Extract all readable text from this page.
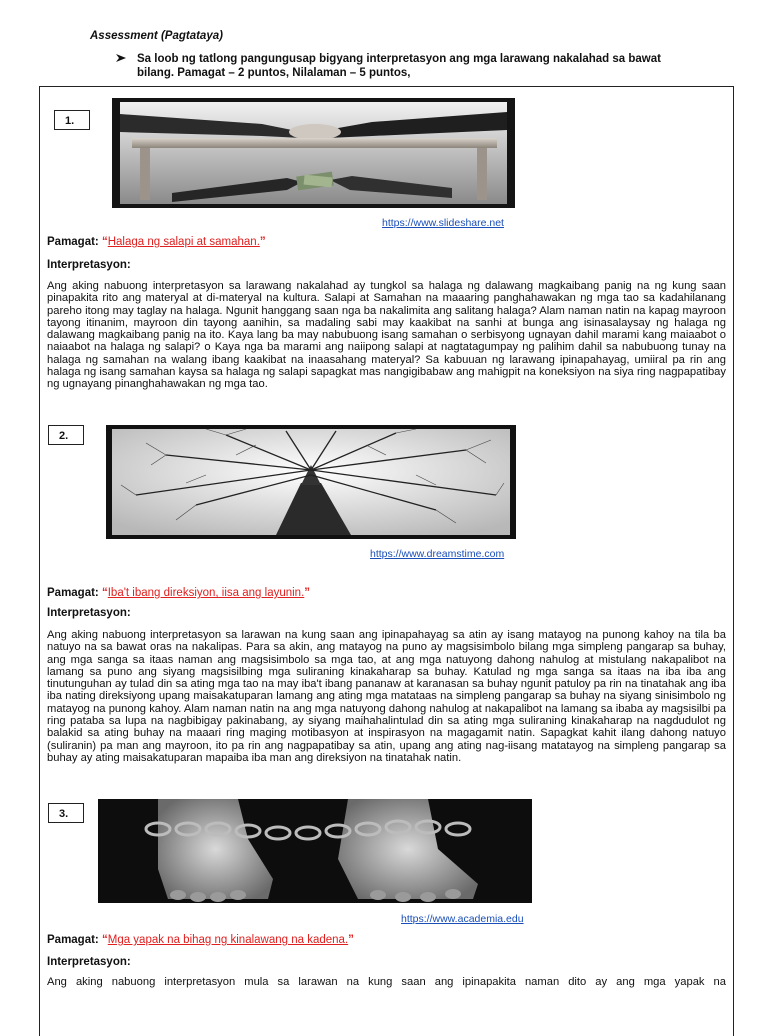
Assessment (Pagtataya)
Sa loob ng tatlong pangungusap bigyang interpretasyon ang mga larawang nakalahad sa bawat bilang. Pamagat – 2 puntos, Nilalaman – 5 puntos,
1.
https://www.slideshare.net
Pamagat: “Halaga ng salapi at samahan.”
Interpretasyon:
Ang aking nabuong interpretasyon sa larawang nakalahad ay tungkol sa halaga ng dalawang magkaibang panig na ng kung saan pinapakita rito ang materyal at di-materyal na kultura. Salapi at Samahan na maaaring panghahawakan ng mga tao sa kadahilanang pareho itong may taglay na halaga. Ngunit hanggang saan nga ba nakalimita ang salitang halaga? Alam naman natin na kapag mayroon tayong itinanim, mayroon din tayong aanihin, sa madaling sabi may kaakibat na sanhi at bunga ang isinasalaysay ng halaga ng dalawang magkaibang panig na ito. Kaya lang ba may nabubuong isang samahan o serbisyong ugnayan dahil marami kang maiaabot o naiaabot na halaga ng salapi? o Kaya nga ba marami ang naiipong salapi at nagtatagumpay ng palihim dahil sa nabubuong tunay na halaga ng samahan na walang ibang kaakibat na inaasahang materyal? Sa kabuuan ng larawang ipinapahayag, umiiral pa rin ang halaga ng isang samahan kaysa sa halaga ng salapi sapagkat mas nangigibabaw ang mahigpit na koneksiyon na siya ring nagpapatibay ng ugnayang pinanghahawakan ng mga tao.
2.
https://www.dreamstime.com
Pamagat: “Iba't ibang direksiyon, iisa ang layunin.”
Interpretasyon:
Ang aking nabuong interpretasyon sa larawan na kung saan ang ipinapahayag sa atin ay isang matayog na punong kahoy na tila ba natuyo na sa bawat oras na nakalipas. Para sa akin, ang matayog na puno ay magsisimbolo bilang mga simpleng pangarap sa buhay, ang mga sanga sa itaas naman ang magsisimbolo sa mga tao, at ang mga natuyong dahong nahulog at mistulang nakapalibot na lamang sa puno ang siyang magsisilbing mga suliraning kinakaharap sa buhay. Katulad ng mga sanga sa itaas na iba iba ang tinutunguhan ay tulad din sa ating mga tao na may iba't ibang pananaw at karanasan sa buhay ngunit patuloy pa rin na tinatahak ang iba iba nating direksiyong upang maisakatuparan lamang ang ating mga matataas na simpleng pangarap sa buhay na siyang sinisimbolo ng matayog na punong kahoy. Alam naman natin na ang mga natuyong dahong nahulog at nakapalibot na lamang sa ibaba ay magsisilbi pa ring pataba sa lupa na nagbibigay pakinabang, ay siyang maihahalintulad din sa ating mga suliraning kinakaharap na nagdudulot ng balakid sa ating buhay na maaari ring maging motibasyon at inspirasyon na magagamit natin. Sapagkat kahit ilang dahong natuyo (suliranin) pa man ang mayroon, ito pa rin ang nagpapatibay sa atin, upang ang ating nag-iisang matatayog na simpleng pangarap sa buhay ay ating maisakatuparan mapaiba iba man ang direksiyon na tinatahak natin.
3.
https://www.academia.edu
Pamagat: “Mga yapak na bihag ng kinalawang na kadena.”
Interpretasyon:
Ang aking nabuong interpretasyon mula sa larawan na kung saan ang ipinapakita naman dito ay ang mga yapak na
